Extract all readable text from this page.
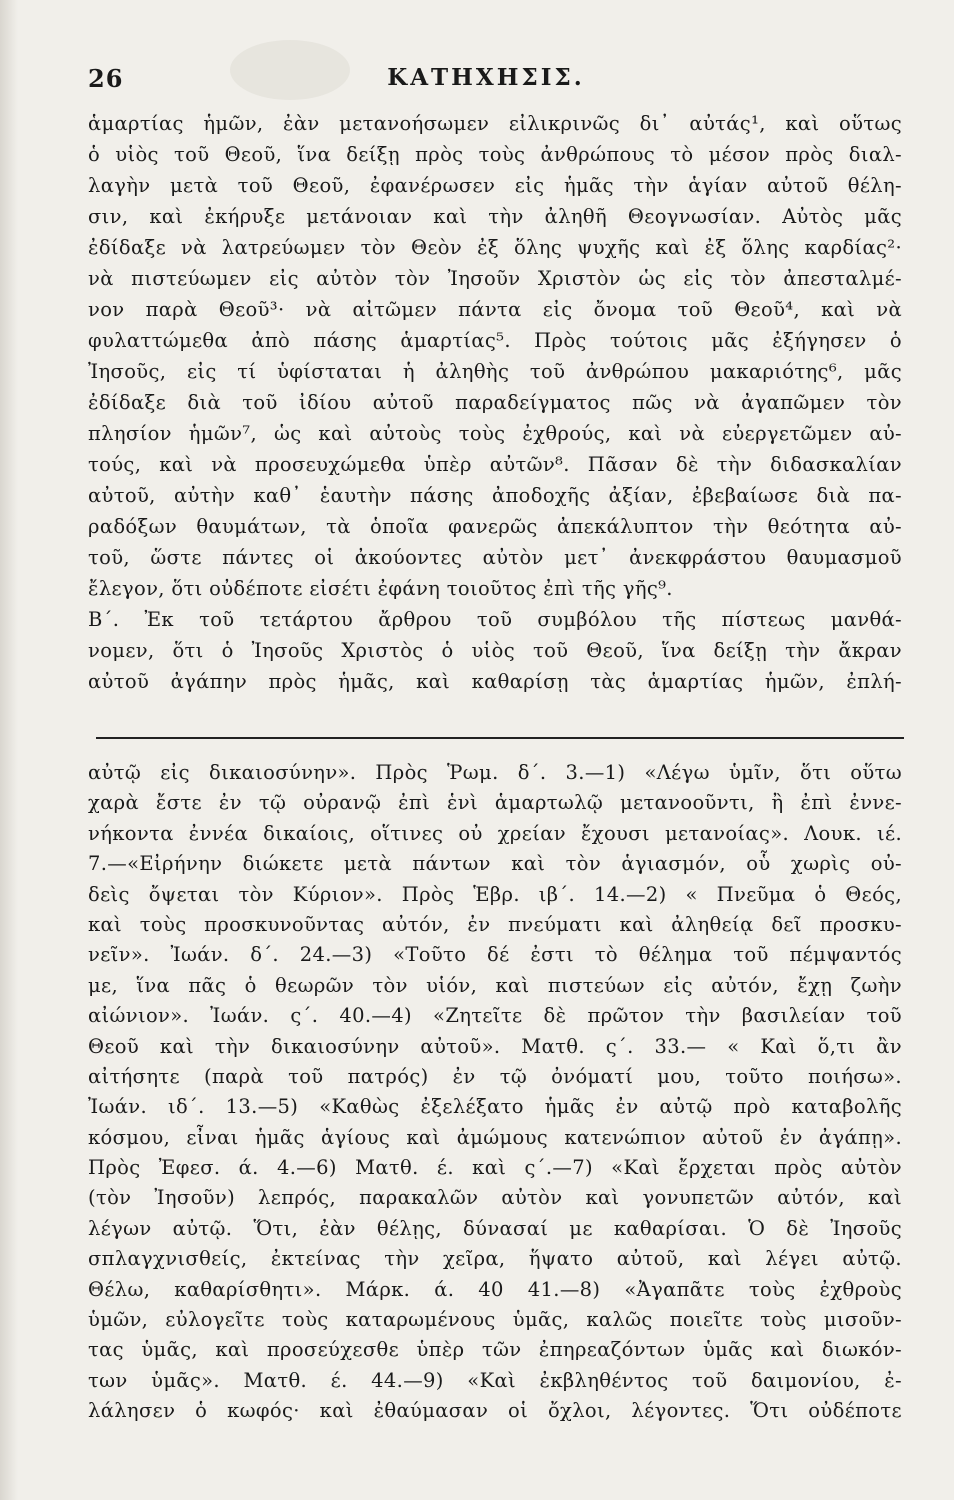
26	ΚΑΤΗΧΗΣΙΣ.
ἁμαρτίας ἡμῶν, ἐὰν μετανοήσωμεν εἰλικρινῶς δι᾽ αὐτάς¹, καὶ οὕτως
ὁ υἱὸς τοῦ Θεοῦ, ἵνα δείξῃ πρὸς τοὺς ἀνθρώπους τὸ μέσον πρὸς διαλ-
λαγὴν μετὰ τοῦ Θεοῦ, ἐφανέρωσεν εἰς ἡμᾶς τὴν ἁγίαν αὐτοῦ θέλη-
σιν, καὶ ἐκήρυξε μετάνοιαν καὶ τὴν ἀληθῆ Θεογνωσίαν. Αὐτὸς μᾶς
ἐδίδαξε νὰ λατρεύωμεν τὸν Θεὸν ἐξ ὅλης ψυχῆς καὶ ἐξ ὅλης καρδίας²·
νὰ πιστεύωμεν εἰς αὐτὸν τὸν Ἰησοῦν Χριστὸν ὡς εἰς τὸν ἀπεσταλμέ-
νον παρὰ Θεοῦ³· νὰ αἰτῶμεν πάντα εἰς ὄνομα τοῦ Θεοῦ⁴, καὶ νὰ
φυλαττώμεθα ἀπὸ πάσης ἁμαρτίας⁵. Πρὸς τούτοις μᾶς ἐξήγησεν ὁ
Ἰησοῦς, εἰς τί ὑφίσταται ἡ ἀληθὴς τοῦ ἀνθρώπου μακαριότης⁶, μᾶς
ἐδίδαξε διὰ τοῦ ἰδίου αὐτοῦ παραδείγματος πῶς νὰ ἀγαπῶμεν τὸν
πλησίον ἡμῶν⁷, ὡς καὶ αὐτοὺς τοὺς ἐχθρούς, καὶ νὰ εὐεργετῶμεν αὐ-
τούς, καὶ νὰ προσευχώμεθα ὑπὲρ αὐτῶν⁸. Πᾶσαν δὲ τὴν διδασκαλίαν
αὐτοῦ, αὐτὴν καθ᾽ ἑαυτὴν πάσης ἀποδοχῆς ἀξίαν, ἐβεβαίωσε διὰ πα-
ραδόξων θαυμάτων, τὰ ὁποῖα φανερῶς ἀπεκάλυπτον τὴν θεότητα αὐ-
τοῦ, ὥστε πάντες οἱ ἀκούοντες αὐτὸν μετ᾽ ἀνεκφράστου θαυμασμοῦ
ἔλεγον, ὅτι οὐδέποτε εἰσέτι ἐφάνη τοιοῦτος ἐπὶ τῆς γῆς⁹.
Β΄. Ἐκ τοῦ τετάρτου ἄρθρου τοῦ συμβόλου τῆς πίστεως μανθά-
νομεν, ὅτι ὁ Ἰησοῦς Χριστὸς ὁ υἱὸς τοῦ Θεοῦ, ἵνα δείξῃ τὴν ἄκραν
αὐτοῦ ἀγάπην πρὸς ἡμᾶς, καὶ καθαρίσῃ τὰς ἁμαρτίας ἡμῶν, ἐπλή-
αὐτῷ εἰς δικαιοσύνην». Πρὸς Ῥωμ. δ΄. 3.—1) «Λέγω ὑμῖν, ὅτι οὕτω
χαρὰ ἔστε ἐν τῷ οὐρανῷ ἐπὶ ἑνὶ ἁμαρτωλῷ μετανοοῦντι, ἢ ἐπὶ ἐννε-
νήκοντα ἐννέα δικαίοις, οἵτινες οὐ χρείαν ἔχουσι μετανοίας». Λουκ. ιέ.
7.—«Εἰρήνην διώκετε μετὰ πάντων καὶ τὸν ἁγιασμόν, οὗ χωρὶς οὐ-
δεὶς ὄψεται τὸν Κύριον». Πρὸς Ἑβρ. ιβ΄. 14.—2) « Πνεῦμα ὁ Θεός,
καὶ τοὺς προσκυνοῦντας αὐτόν, ἐν πνεύματι καὶ ἀληθείᾳ δεῖ προσκυ-
νεῖν». Ἰωάν. δ΄. 24.—3) «Τοῦτο δέ ἐστι τὸ θέλημα τοῦ πέμψαντός
με, ἵνα πᾶς ὁ θεωρῶν τὸν υἱόν, καὶ πιστεύων εἰς αὐτόν, ἔχῃ ζωὴν
αἰώνιον». Ἰωάν. ς΄. 40.—4) «Ζητεῖτε δὲ πρῶτον τὴν βασιλείαν τοῦ
Θεοῦ καὶ τὴν δικαιοσύνην αὐτοῦ». Ματθ. ς΄. 33.— « Καὶ ὅ,τι ἂν
αἰτήσητε (παρὰ τοῦ πατρός) ἐν τῷ ὀνόματί μου, τοῦτο ποιήσω».
Ἰωάν. ιδ΄. 13.—5) «Καθὼς ἐξελέξατο ἡμᾶς ἐν αὐτῷ πρὸ καταβολῆς
κόσμου, εἶναι ἡμᾶς ἁγίους καὶ ἀμώμους κατενώπιον αὐτοῦ ἐν ἀγάπῃ».
Πρὸς Ἐφεσ. ά. 4.—6) Ματθ. έ. καὶ ς΄.—7) «Καὶ ἔρχεται πρὸς αὐτὸν
(τὸν Ἰησοῦν) λεπρός, παρακαλῶν αὐτὸν καὶ γονυπετῶν αὐτόν, καὶ
λέγων αὐτῷ. Ὅτι, ἐὰν θέλῃς, δύνασαί με καθαρίσαι. Ὁ δὲ Ἰησοῦς
σπλαγχνισθείς, ἐκτείνας τὴν χεῖρα, ἥψατο αὐτοῦ, καὶ λέγει αὐτῷ.
Θέλω, καθαρίσθητι». Μάρκ. ά. 40 41.—8) «Ἀγαπᾶτε τοὺς ἐχθροὺς
ὑμῶν, εὐλογεῖτε τοὺς καταρωμένους ὑμᾶς, καλῶς ποιεῖτε τοὺς μισοῦν-
τας ὑμᾶς, καὶ προσεύχεσθε ὑπὲρ τῶν ἐπηρεαζόντων ὑμᾶς καὶ διωκόν-
των ὑμᾶς». Ματθ. έ. 44.—9) «Καὶ ἐκβληθέντος τοῦ δαιμονίου, ἐ-
λάλησεν ὁ κωφός· καὶ ἐθαύμασαν οἱ ὄχλοι, λέγοντες. Ὅτι οὐδέποτε
